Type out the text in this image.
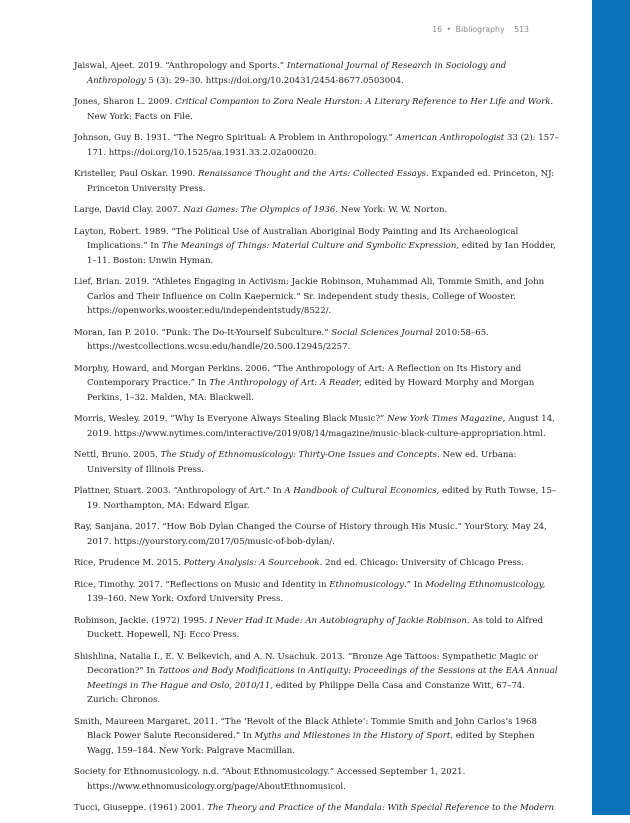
16 • Bibliography 513

Jaiswal, Ajeet. 2019. “Anthropology and Sports.” International Journal of Research in Sociology and Anthropology 5 (3): 29–30. https://doi.org/10.20431/2454-8677.0503004.

Jones, Sharon L. 2009. Critical Companion to Zora Neale Hurston: A Literary Reference to Her Life and Work. New York: Facts on File.

Johnson, Guy B. 1931. “The Negro Spiritual: A Problem in Anthropology.” American Anthropologist 33 (2): 157–171. https://doi.org/10.1525/aa.1931.33.2.02a00020.

Kristeller, Paul Oskar. 1990. Renaissance Thought and the Arts: Collected Essays. Expanded ed. Princeton, NJ: Princeton University Press.

Large, David Clay. 2007. Nazi Games: The Olympics of 1936. New York: W. W. Norton.

Layton, Robert. 1989. “The Political Use of Australian Aboriginal Body Painting and Its Archaeological Implications.” In The Meanings of Things: Material Culture and Symbolic Expression, edited by Ian Hodder, 1–11. Boston: Unwin Hyman.

Lief, Brian. 2019. “Athletes Engaging in Activism: Jackie Robinson, Muhammad Ali, Tommie Smith, and John Carlos and Their Influence on Colin Kaepernick.” Sr. independent study thesis, College of Wooster. https://openworks.wooster.edu/independentstudy/8522/.

Moran, Ian P. 2010. “Punk: The Do-It-Yourself Subculture.” Social Sciences Journal 2010:58–65. https://westcollections.wcsu.edu/handle/20.500.12945/2257.

Morphy, Howard, and Morgan Perkins. 2006. “The Anthropology of Art: A Reflection on Its History and Contemporary Practice.” In The Anthropology of Art: A Reader, edited by Howard Morphy and Morgan Perkins, 1–32. Malden, MA: Blackwell.

Morris, Wesley. 2019. “Why Is Everyone Always Stealing Black Music?” New York Times Magazine, August 14, 2019. https://www.nytimes.com/interactive/2019/08/14/magazine/music-black-culture-appropriation.html.

Nettl, Bruno. 2005. The Study of Ethnomusicology: Thirty-One Issues and Concepts. New ed. Urbana: University of Illinois Press.

Plattner, Stuart. 2003. “Anthropology of Art.” In A Handbook of Cultural Economics, edited by Ruth Towse, 15–19. Northampton, MA: Edward Elgar.

Ray, Sanjana. 2017. “How Bob Dylan Changed the Course of History through His Music.” YourStory. May 24, 2017. https://yourstory.com/2017/05/music-of-bob-dylan/.

Rice, Prudence M. 2015. Pottery Analysis: A Sourcebook. 2nd ed. Chicago: University of Chicago Press.

Rice, Timothy. 2017. “Reflections on Music and Identity in Ethnomusicology.” In Modeling Ethnomusicology, 139–160. New York: Oxford University Press.

Robinson, Jackie. (1972) 1995. I Never Had It Made: An Autobiography of Jackie Robinson. As told to Alfred Duckett. Hopewell, NJ: Ecco Press.

Shishlina, Natalia I., E. V. Belkevich, and A. N. Usachuk. 2013. “Bronze Age Tattoos: Sympathetic Magic or Decoration?” In Tattoos and Body Modifications in Antiquity: Proceedings of the Sessions at the EAA Annual Meetings in The Hague and Oslo, 2010/11, edited by Philippe Della Casa and Constanze Witt, 67–74. Zurich: Chronos.

Smith, Maureen Margaret. 2011. “The ‘Revolt of the Black Athlete’: Tommie Smith and John Carlos’s 1968 Black Power Salute Reconsidered.” In Myths and Milestones in the History of Sport, edited by Stephen Wagg, 159–184. New York: Palgrave Macmillan.

Society for Ethnomusicology. n.d. “About Ethnomusicology.” Accessed September 1, 2021. https://www.ethnomusicology.org/page/AboutEthnomusicol.

Tucci, Giuseppe. (1961) 2001. The Theory and Practice of the Mandala: With Special Reference to the Modern
